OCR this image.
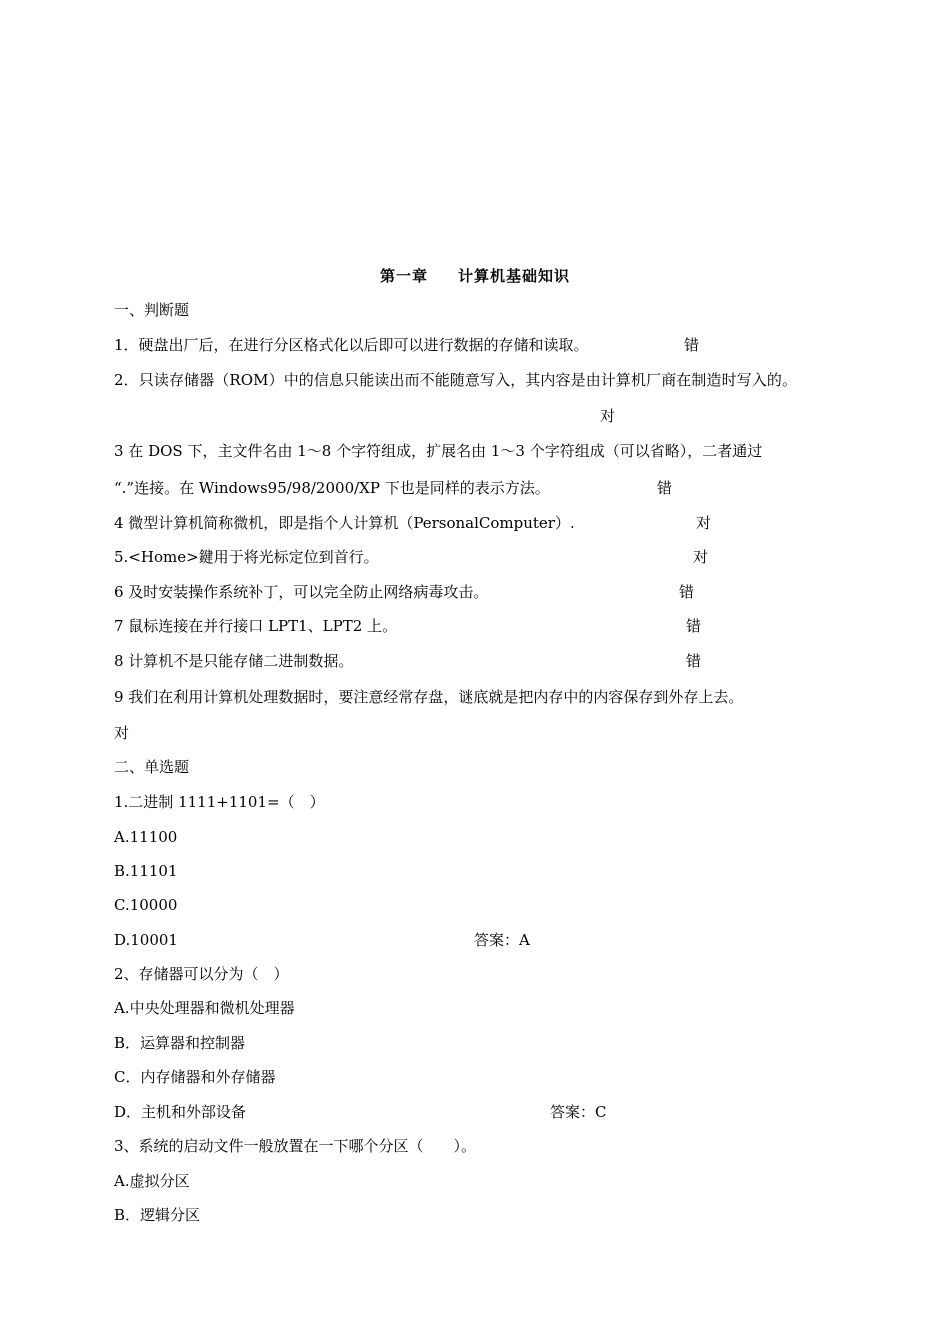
第一章 计算机基础知识
一、判断题
1．硬盘出厂后，在进行分区格式化以后即可以进行数据的存储和读取。	错
2．只读存储器（ROM）中的信息只能读出而不能随意写入，其内容是由计算机厂商在制造时写入的。
对
3 在 DOS 下，主文件名由 1～8 个字符组成，扩展名由 1～3 个字符组成（可以省略），二者通过
“.”连接。在 Windows95/98/2000/XP 下也是同样的表示方法。	错
4 微型计算机简称微机，即是指个人计算机（PersonalComputer）.	对
5.<Home>鍵用于将光标定位到首行。	对
6 及时安装操作系统补丁，可以完全防止网络病毒攻击。	错
7 鼠标连接在并行接口 LPT1、LPT2 上。	错
8 计算机不是只能存储二进制数据。	错
9 我们在利用计算机处理数据时，要注意经常存盘，谜底就是把内存中的内容保存到外存上去。
对
二、单选题
1.二进制 1111+1101=（　）
A.11100
B.11101
C.10000
D.10001	答案：A
2、存储器可以分为（　）
A.中央处理器和微机处理器
B．运算器和控制器
C．内存储器和外存储器
D．主机和外部设备	答案：C
3、系统的启动文件一般放置在一下哪个分区（　　）。
A.虚拟分区
B．逻辑分区
